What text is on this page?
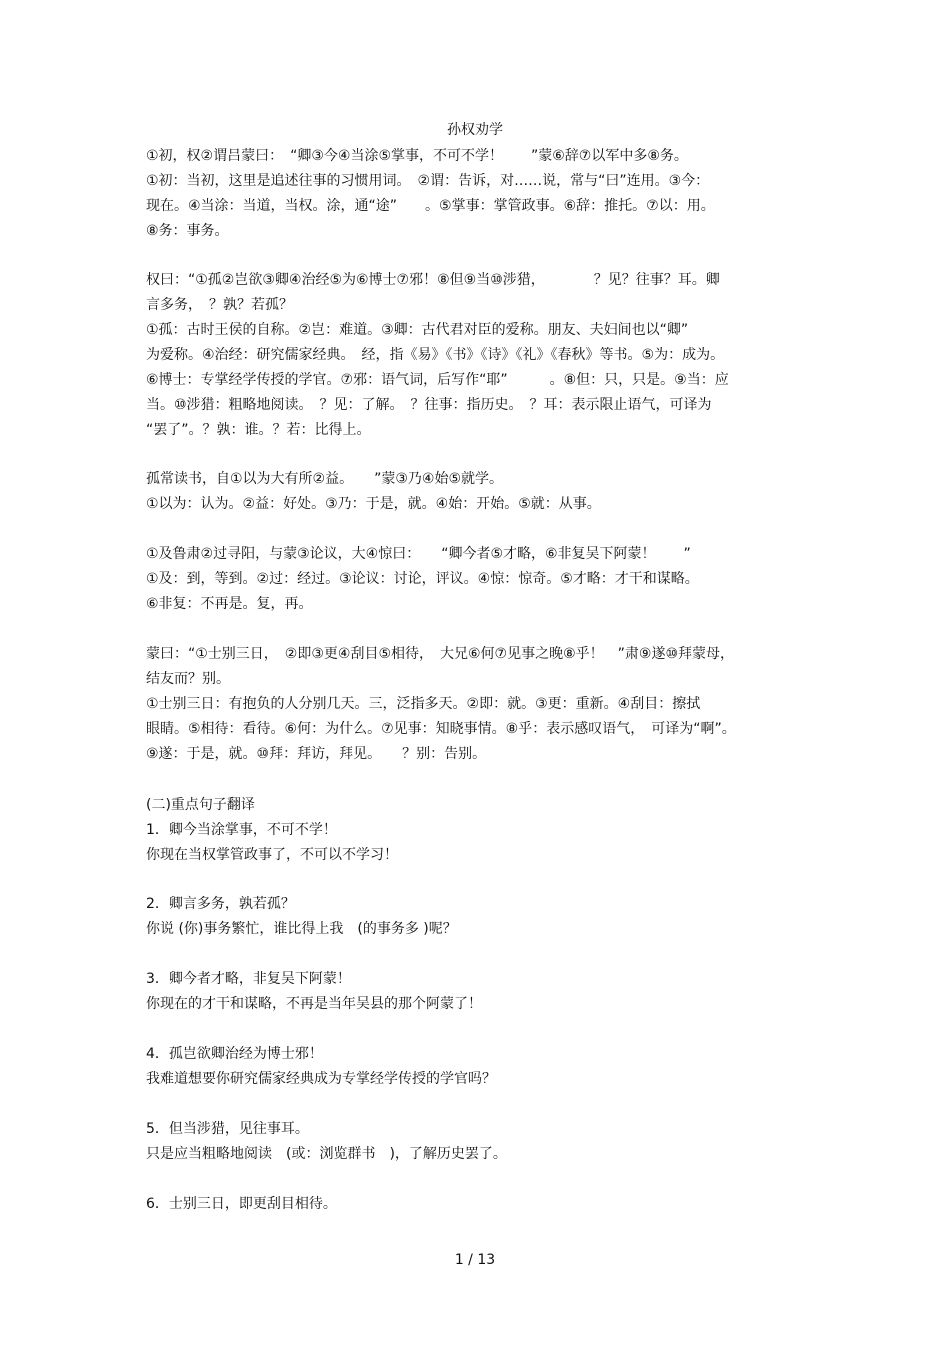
孙权劝学
①初，权②谓吕蒙曰：　“卿③今④当涂⑤掌事，不可不学！　　”蒙⑥辞⑦以军中多⑧务。
①初：当初，这里是追述往事的习惯用词。　②谓：告诉，对……说，常与“曰”连用。③今：
现在。④当涂：当道，当权。涂，通“途”　　。⑤掌事：掌管政事。⑥辞：推托。⑦以：用。
⑧务：事务。
权曰：“①孤②岂欲③卿④治经⑤为⑥博士⑦邪！⑧但⑨当⑩涉猎，　　　　？见？往事？耳。卿
言多务，　？孰？若孤？
①孤：古时王侯的自称。②岂：难道。③卿：古代君对臣的爱称。朋友、夫妇间也以“卿”
为爱称。④治经：研究儒家经典。　经，指《易》《书》《诗》《礼》《春秋》等书。⑤为：成为。
⑥博士：专掌经学传授的学官。⑦邪：语气词，后写作“耶”　　　。⑧但：只，只是。⑨当：应
当。⑩涉猎：粗略地阅读。　？见：了解。　？往事：指历史。　？耳：表示限止语气，可译为
“罢了”。？孰：谁。？若：比得上。
孤常读书，自①以为大有所②益。　　”蒙③乃④始⑤就学。
①以为：认为。②益：好处。③乃：于是，就。④始：开始。⑤就：从事。
①及鲁肃②过寻阳，与蒙③论议，大④惊曰：　　“卿今者⑤才略，⑥非复吴下阿蒙！　　”
①及：到，等到。②过：经过。③论议：讨论，评议。④惊：惊奇。⑤才略：才干和谋略。
⑥非复：不再是。复，再。
蒙曰：“①士别三日，　②即③更④刮目⑤相待，　大兄⑥何⑦见事之晚⑧乎！　”肃⑨遂⑩拜蒙母，
结友而？别。
①士别三日：有抱负的人分别几天。三，泛指多天。②即：就。③更：重新。④刮目：擦拭
眼睛。⑤相待：看待。⑥何：为什么。⑦见事：知晓事情。⑧乎：表示感叹语气，　可译为“啊”。
⑨遂：于是，就。⑩拜：拜访，拜见。　　？别：告别。
(二)重点句子翻译
1．卿今当涂掌事，不可不学！
你现在当权掌管政事了，不可以不学习！
2．卿言多务，孰若孤？
你说 (你)事务繁忙，谁比得上我　(的事务多 )呢？
3．卿今者才略，非复吴下阿蒙！
你现在的才干和谋略，不再是当年吴县的那个阿蒙了！
4．孤岂欲卿治经为博士邪！
我难道想要你研究儒家经典成为专掌经学传授的学官吗？
5．但当涉猎，见往事耳。
只是应当粗略地阅读　(或：浏览群书　)，了解历史罢了。
6．士别三日，即更刮目相待。
1 / 13
